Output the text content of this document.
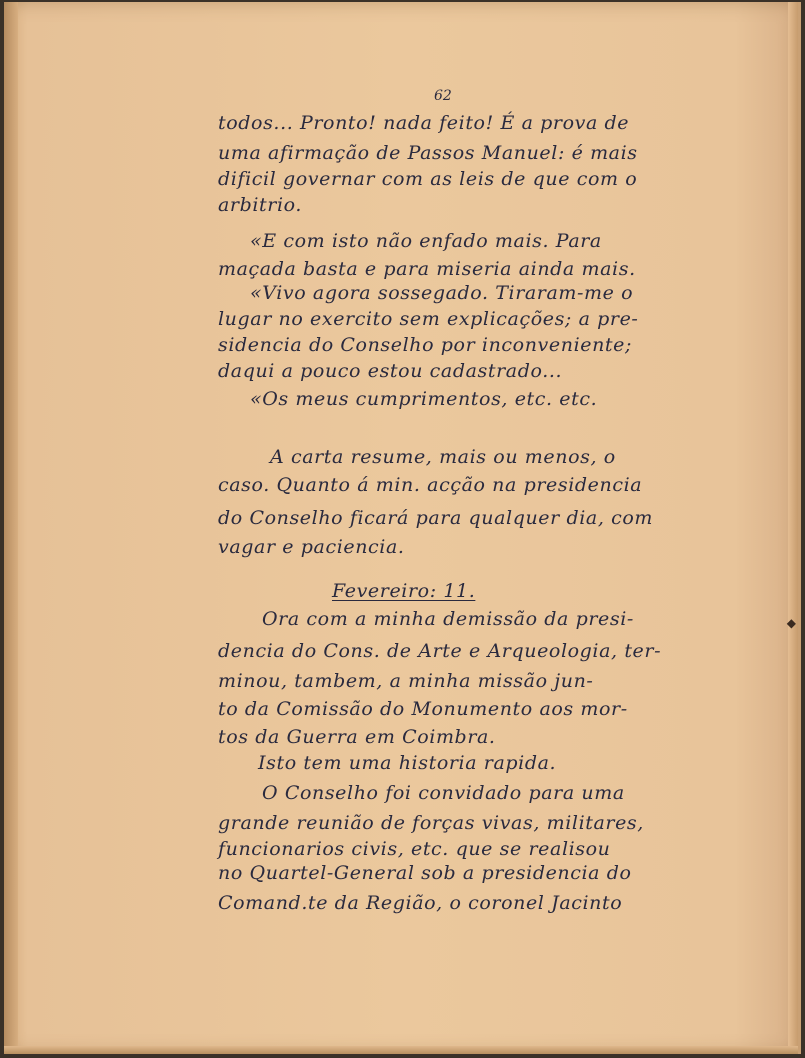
◆
62
todos... Pronto! nada feito! É a prova de
uma afirmação de Passos Manuel: é mais
dificil governar com as leis de que com o
arbitrio.
«E com isto não enfado mais. Para
maçada basta e para miseria ainda mais.
«Vivo agora sossegado. Tiraram-me o
lugar no exercito sem explicações; a pre-
sidencia do Conselho por inconveniente;
daqui a pouco estou cadastrado...
«Os meus cumprimentos, etc. etc.
A carta resume, mais ou menos, o
caso. Quanto á min. acção na presidencia
do Conselho ficará para qualquer dia, com
vagar e paciencia.
Fevereiro: 11.
Ora com a minha demissão da presi-
dencia do Cons. de Arte e Arqueologia, ter-
minou, tambem, a minha missão jun-
to da Comissão do Monumento aos mor-
tos da Guerra em Coimbra.
Isto tem uma historia rapida.
O Conselho foi convidado para uma
grande reunião de forças vivas, militares,
funcionarios civis, etc. que se realisou
no Quartel-General sob a presidencia do
Comand.te da Região, o coronel Jacinto
